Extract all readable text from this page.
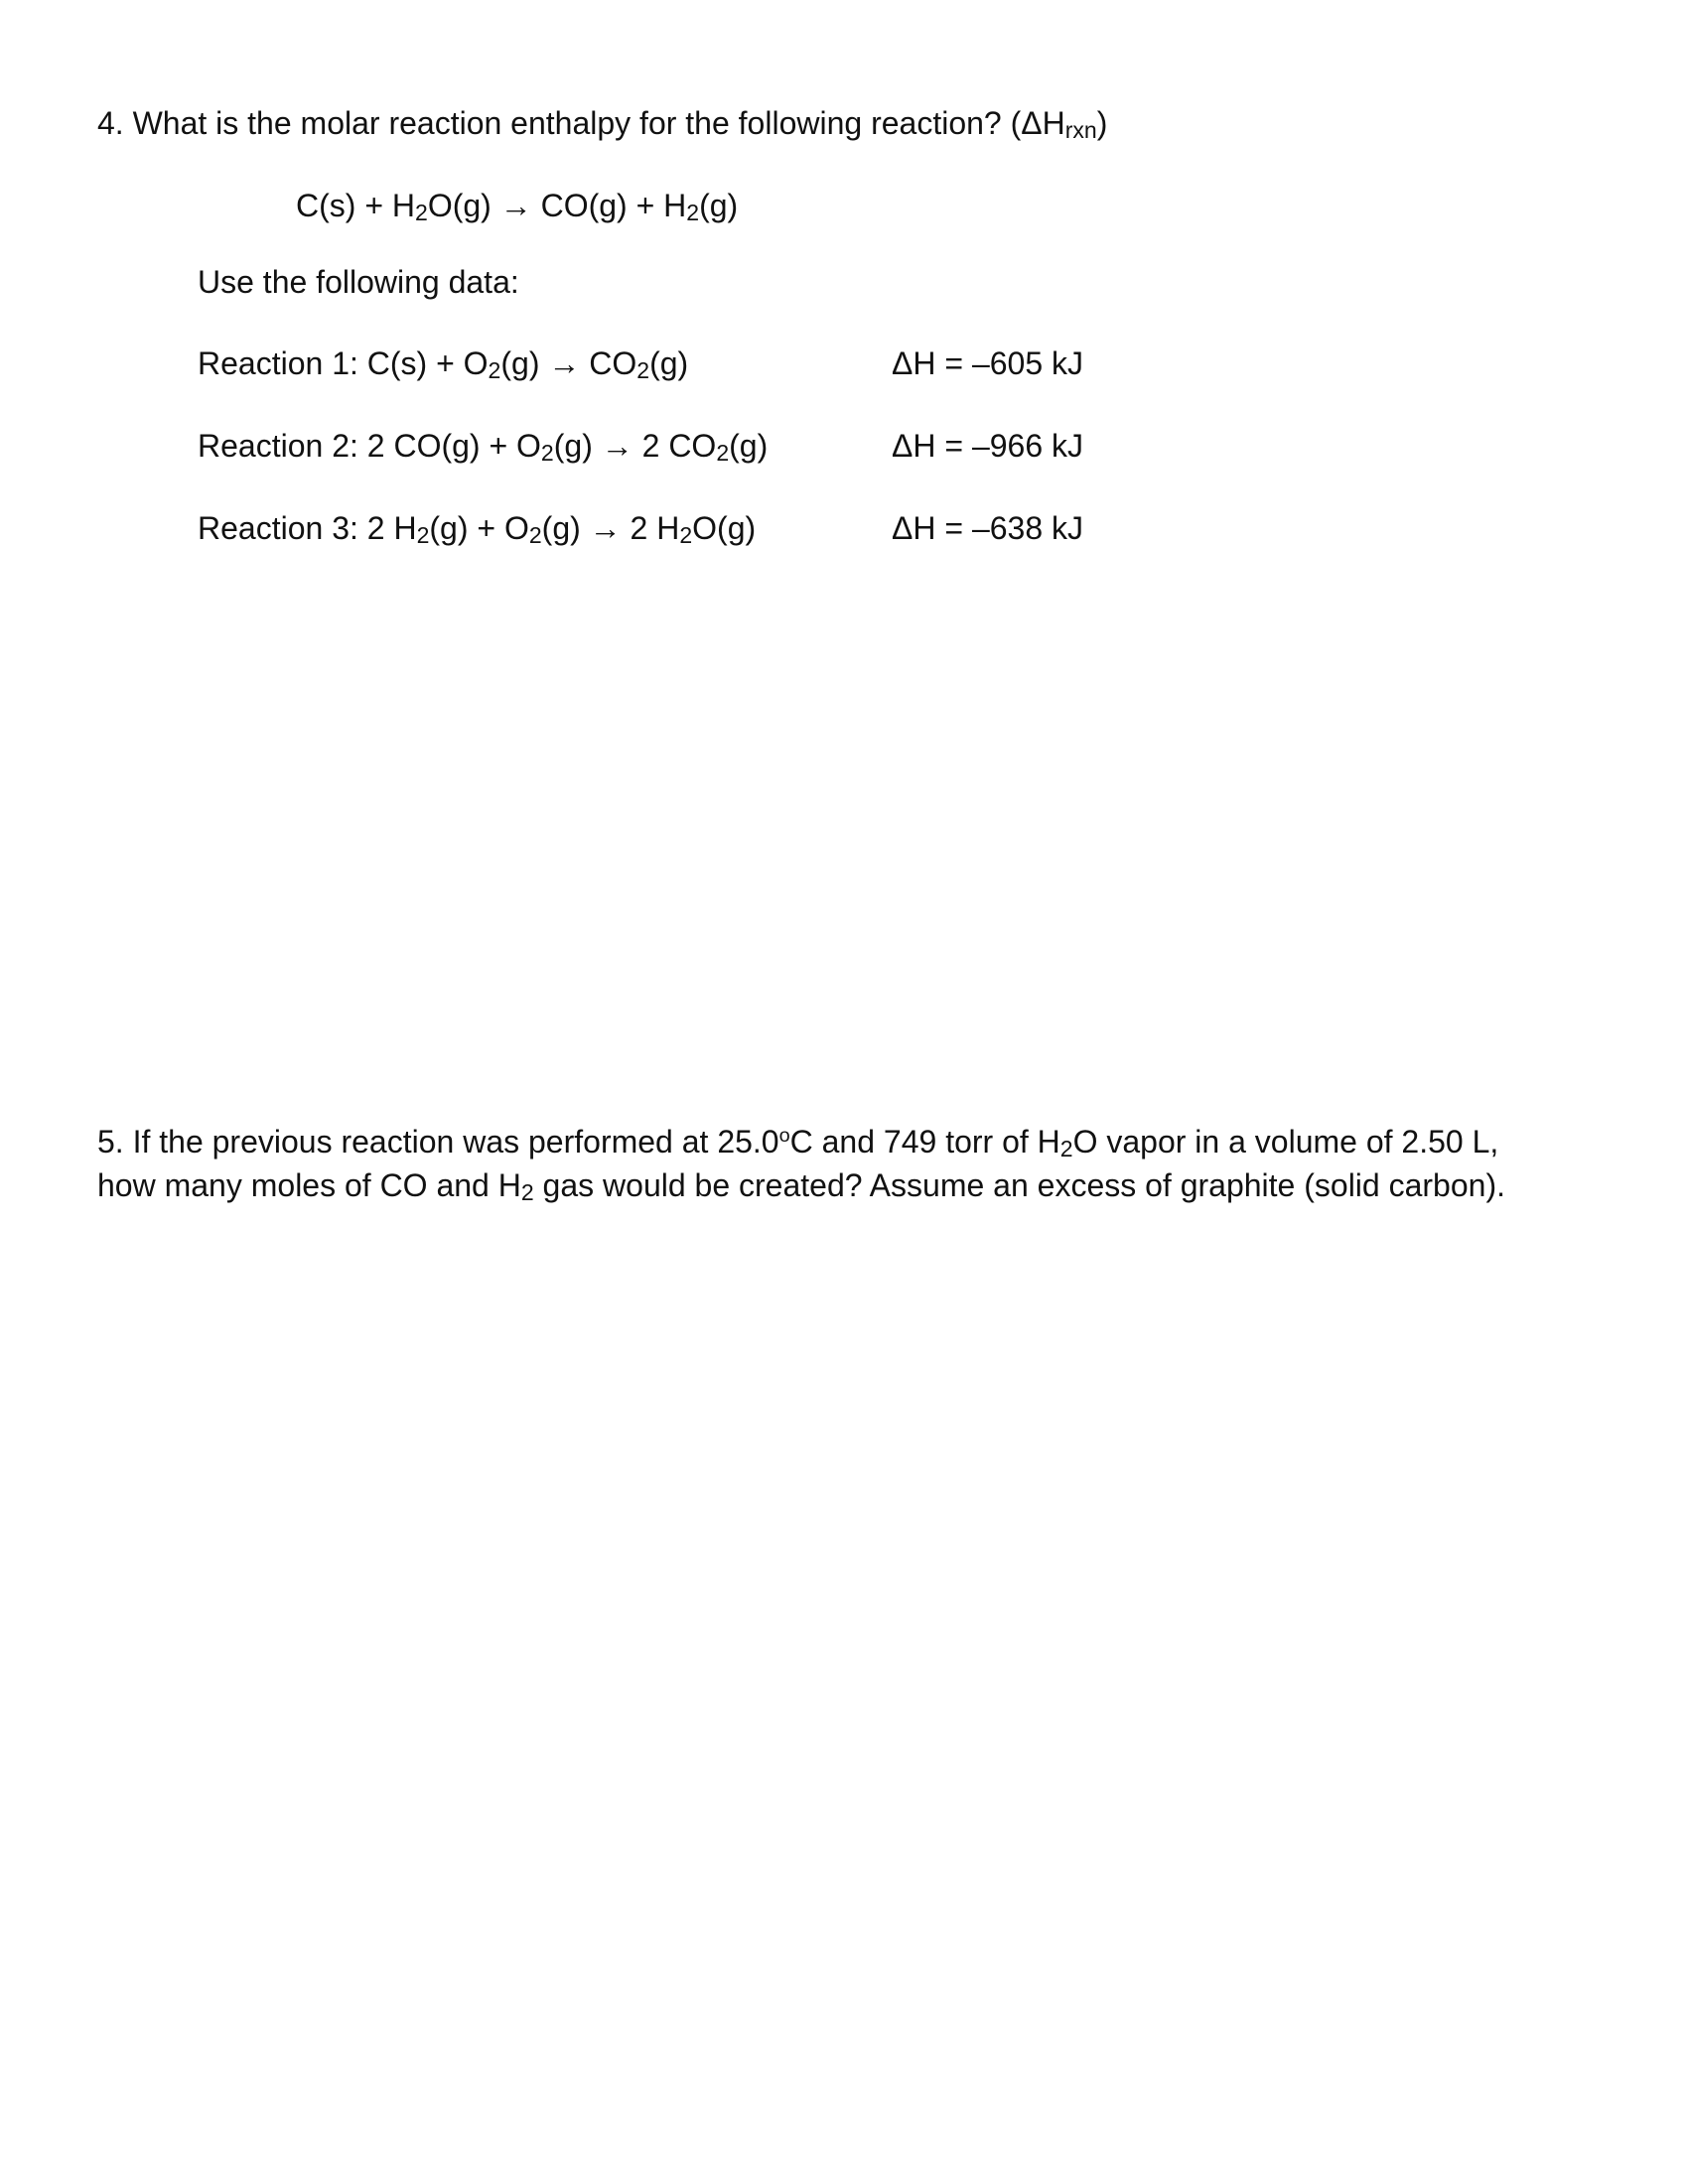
4. What is the molar reaction enthalpy for the following reaction? $(\Delta H_{rxn})$
$C(s) + H_2O(g) \to CO(g) + H_2(g)$
Use the following data:
Reaction 1: $C(s) + O_2(g) \to CO_2(g)$	ΔH = –605 kJ
Reaction 2: 2 $CO(g) + O_2(g) \to 2$ $CO_2(g)$	ΔH = –966 kJ
Reaction 3: 2 $H_2(g) + O_2(g) \to 2$ $H_2O(g)$	ΔH = –638 kJ
5. If the previous reaction was performed at 25.0$^o$C and 749 torr of $H_2O$ vapor in a volume of 2.50 L,
how many moles of CO and $H_2$ gas would be created? Assume an excess of graphite (solid carbon).
